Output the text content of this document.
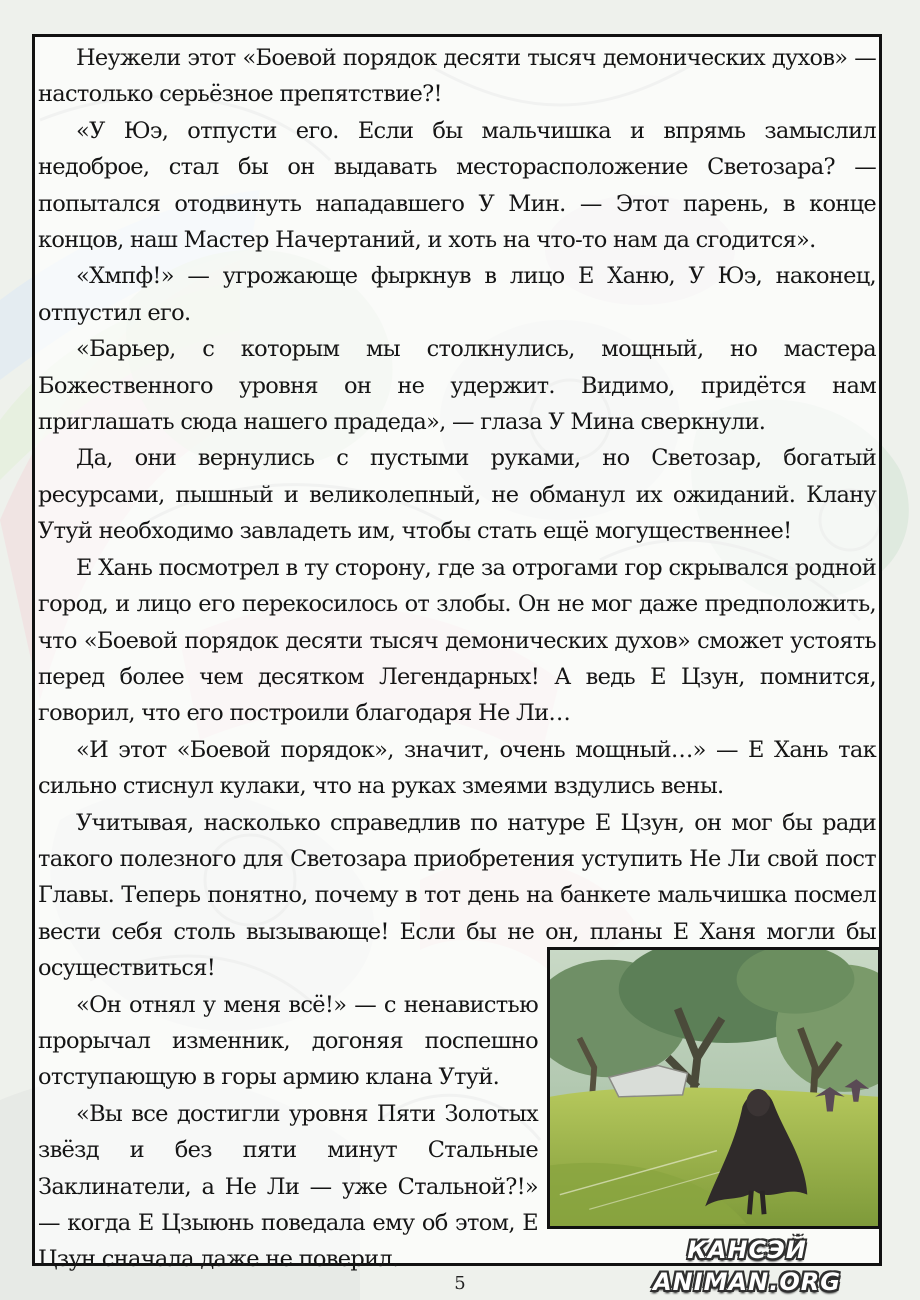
Неужели этот «Боевой порядок десяти тысяч демонических духов» — настолько серьёзное препятствие?!

«У Юэ, отпусти его. Если бы мальчишка и впрямь замыслил недоброе, стал бы он выдавать месторасположение Светозара? — попытался отодвинуть нападавшего У Мин. — Этот парень, в конце концов, наш Мастер Начертаний, и хоть на что-то нам да сгодится».

«Хмпф!» — угрожающе фыркнув в лицо Е Ханю, У Юэ, наконец, отпустил его.

«Барьер, с которым мы столкнулись, мощный, но мастера Божественного уровня он не удержит. Видимо, придётся нам приглашать сюда нашего прадеда», — глаза У Мина сверкнули.

Да, они вернулись с пустыми руками, но Светозар, богатый ресурсами, пышный и великолепный, не обманул их ожиданий. Клану Утуй необходимо завладеть им, чтобы стать ещё могущественнее!

Е Хань посмотрел в ту сторону, где за отрогами гор скрывался родной город, и лицо его перекосилось от злобы. Он не мог даже предположить, что «Боевой порядок десяти тысяч демонических духов» сможет устоять перед более чем десятком Легендарных! А ведь Е Цзун, помнится, говорил, что его построили благодаря Не Ли…

«И этот «Боевой порядок», значит, очень мощный…» — Е Хань так сильно стиснул кулаки, что на руках змеями вздулись вены.

Учитывая, насколько справедлив по натуре Е Цзун, он мог бы ради такого полезного для Светозара приобретения уступить Не Ли свой пост Главы. Теперь понятно, почему в тот день на банкете мальчишка посмел вести себя столь вызывающе! Если бы не он, планы Е Ханя могли бы осуществиться!

«Он отнял у меня всё!» — с ненавистью прорычал изменник, догоняя поспешно отступающую в горы армию клана Утуй.

«Вы все достигли уровня Пяти Золотых звёзд и без пяти минут Стальные Заклинатели, а Не Ли — уже Стальной?!» — когда Е Цзыюнь поведала ему об этом, Е Цзун сначала даже не поверил.	КАНСЭЙ ANIMAN.ORG
5
